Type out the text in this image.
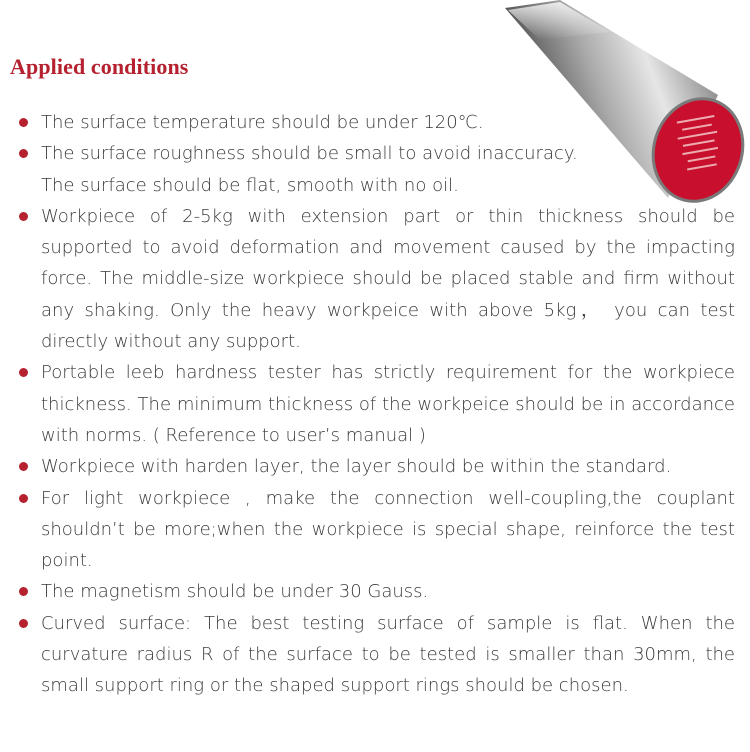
Applied conditions
The surface temperature should be under 120℃.
The surface roughness should be small to avoid inaccuracy.
The surface should be flat, smooth with no oil.
Workpiece of 2-5kg with extension part or thin thickness should be supported to avoid deformation and movement caused by the impacting force. The middle-size workpiece should be placed stable and firm without any shaking. Only the heavy workpeice with above 5kg， you can test directly without any support.
Portable leeb hardness tester has strictly requirement for the workpiece thickness. The minimum thickness of the workpeice should be in accordance with norms. ( Reference to user’s manual )
Workpiece with harden layer, the layer should be within the standard.
For light workpiece , make the connection well-coupling,the couplant shouldn’t be more;when the workpiece is special shape, reinforce the test point.
The magnetism should be under 30 Gauss.
Curved surface: The best testing surface of sample is flat. When the curvature radius R of the surface to be tested is smaller than 30mm, the small support ring or the shaped support rings should be chosen.
